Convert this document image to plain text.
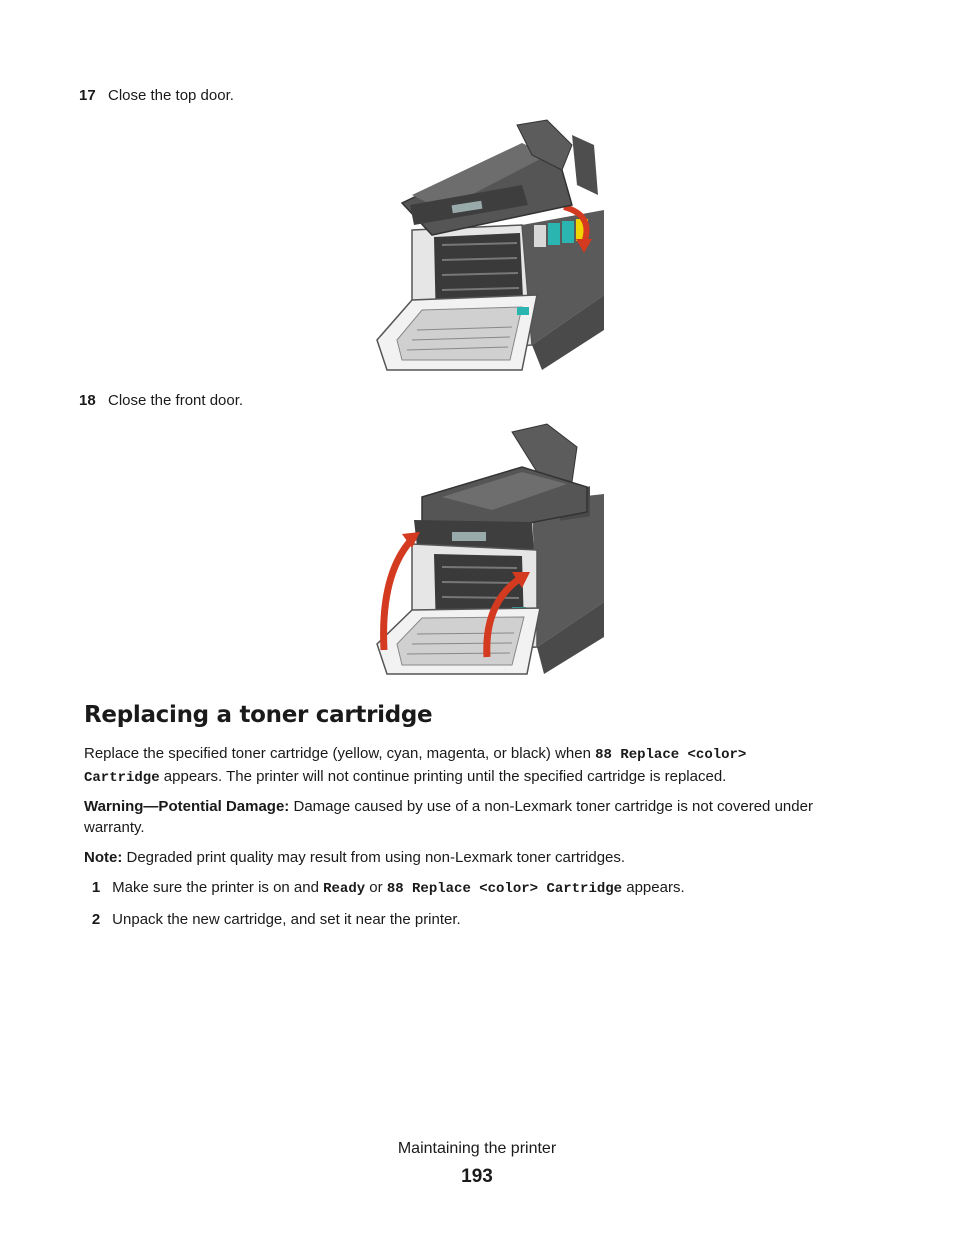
17 Close the top door.
18 Close the front door.
Replacing a toner cartridge
Replace the specified toner cartridge (yellow, cyan, magenta, or black) when 88 Replace <color>
Cartridge appears. The printer will not continue printing until the specified cartridge is replaced.
Warning—Potential Damage: Damage caused by use of a non-Lexmark toner cartridge is not covered under warranty.
Note: Degraded print quality may result from using non-Lexmark toner cartridges.
1 Make sure the printer is on and Ready or 88 Replace <color> Cartridge appears.
2 Unpack the new cartridge, and set it near the printer.
Maintaining the printer
193
